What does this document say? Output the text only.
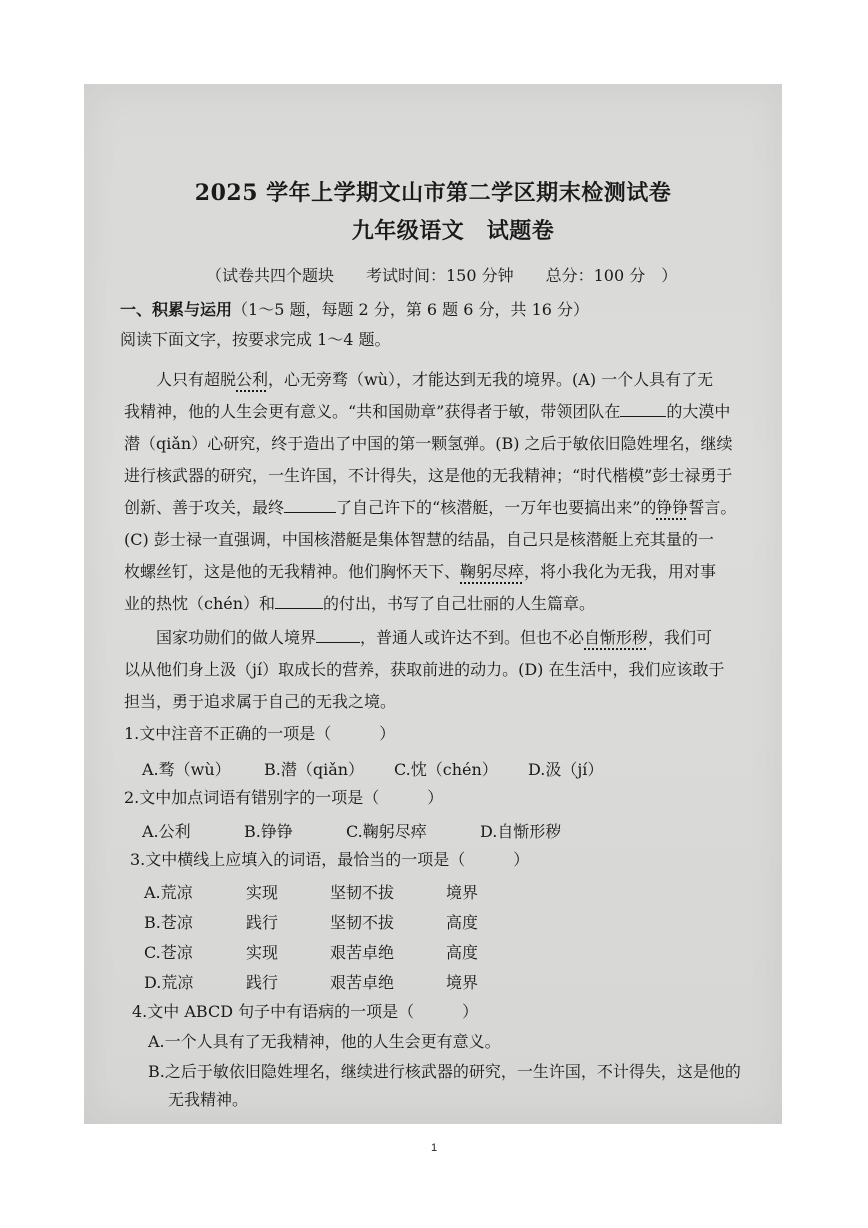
2025 学年上学期文山市第二学区期末检测试卷
九年级语文　试题卷
（试卷共四个题块　　考试时间：150 分钟　　总分：100 分　）
一、积累与运用（1～5 题，每题 2 分，第 6 题 6 分，共 16 分）
阅读下面文字，按要求完成 1～4 题。
人只有超脱公利，心无旁骛（wù），才能达到无我的境界。(A) 一个人具有了无
我精神，他的人生会更有意义。“共和国勋章”获得者于敏，带领团队在	的大漠中
潜（qiǎn）心研究，终于造出了中国的第一颗氢弹。(B) 之后于敏依旧隐姓埋名，继续
进行核武器的研究，一生许国，不计得失，这是他的无我精神；“时代楷模”彭士禄勇于
创新、善于攻关，最终	了自己许下的“核潜艇，一万年也要搞出来”的铮铮誓言。
(C) 彭士禄一直强调，中国核潜艇是集体智慧的结晶，自己只是核潜艇上充其量的一
枚螺丝钉，这是他的无我精神。他们胸怀天下、鞠躬尽瘁，将小我化为无我，用对事
业的热忱（chén）和	的付出，书写了自己壮丽的人生篇章。
国家功勋们的做人境界	，普通人或许达不到。但也不必自惭形秽，我们可
以从他们身上汲（jí）取成长的营养，获取前进的动力。(D) 在生活中，我们应该敢于
担当，勇于追求属于自己的无我之境。
1.文中注音不正确的一项是（　　　）
A.骛（wù） B.潜（qiǎn） C.忱（chén） D.汲（jí）
2.文中加点词语有错别字的一项是（　　　）
A.公利	B.铮铮	C.鞠躬尽瘁	D.自惭形秽
3.文中横线上应填入的词语，最恰当的一项是（　　　）
A.荒凉	实现	坚韧不拔	境界
B.苍凉	践行	坚韧不拔	高度
C.苍凉	实现	艰苦卓绝	高度
D.荒凉	践行	艰苦卓绝	境界
4.文中 ABCD 句子中有语病的一项是（　　　）
A.一个人具有了无我精神，他的人生会更有意义。
B.之后于敏依旧隐姓埋名，继续进行核武器的研究，一生许国，不计得失，这是他的
无我精神。
1
